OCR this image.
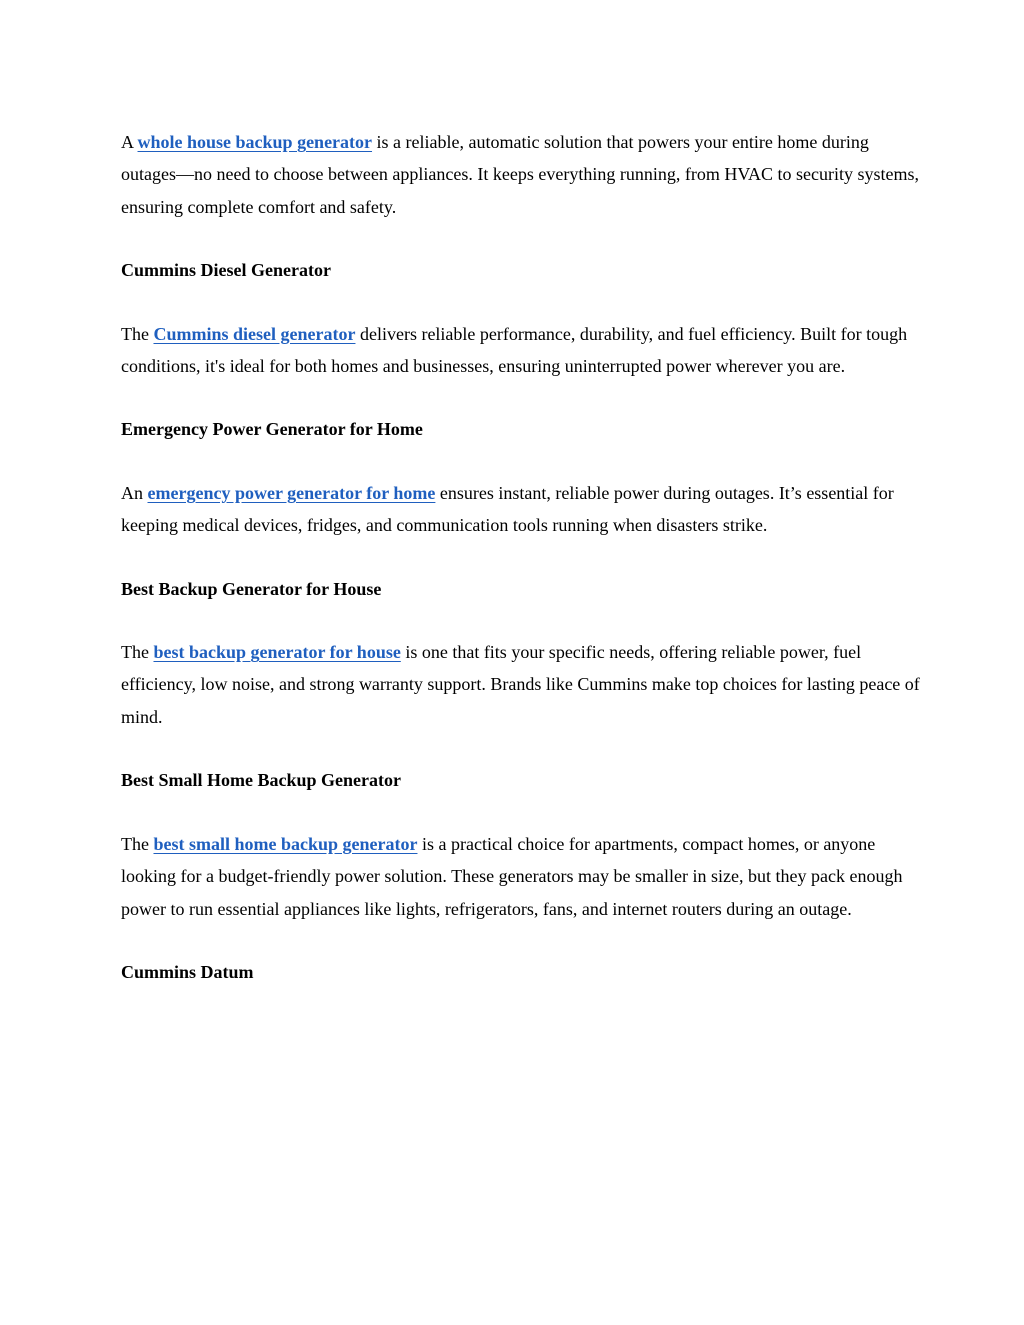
A whole house backup generator is a reliable, automatic solution that powers your entire home during outages—no need to choose between appliances. It keeps everything running, from HVAC to security systems, ensuring complete comfort and safety.

Cummins Diesel Generator

The Cummins diesel generator delivers reliable performance, durability, and fuel efficiency. Built for tough conditions, it's ideal for both homes and businesses, ensuring uninterrupted power wherever you are.

Emergency Power Generator for Home

An emergency power generator for home ensures instant, reliable power during outages. It’s essential for keeping medical devices, fridges, and communication tools running when disasters strike.

Best Backup Generator for House

The best backup generator for house is one that fits your specific needs, offering reliable power, fuel efficiency, low noise, and strong warranty support. Brands like Cummins make top choices for lasting peace of mind.

Best Small Home Backup Generator

The best small home backup generator is a practical choice for apartments, compact homes, or anyone looking for a budget-friendly power solution. These generators may be smaller in size, but they pack enough power to run essential appliances like lights, refrigerators, fans, and internet routers during an outage.

Cummins Datum
